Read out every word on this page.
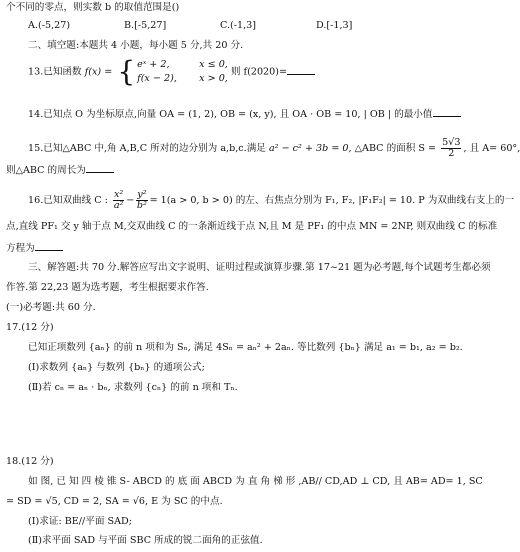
个不同的零点，则实数 b 的取值范围是()
A.(-5,27)	B.[-5,27]	C.(-1,3]	D.[-1,3]
二、填空题:本题共 4 小题，每小题 5 分,共 20 分.
13.已知函数 f(x) = { eˣ + 2,	x ≤ 0,
f(x − 2), x > 0,
则 f(2020)=
14.已知点 O 为坐标原点,向量 OA = (1, 2), OB = (x, y), 且 OA · OB = 10, | OB | 的最小值
15.已知△ABC 中,角 A,B,C 所对的边分别为 a,b,c.满足 a² − c² + 3b = 0, △ABC 的面积 $S = \frac{5√3}{2}$ , 且 A= 60°,
则△ABC 的周长为
16.已知双曲线 C : $\frac{\text{x²}}{\text{a²}} - \frac{\text{y²}}{\text{b²}} = 1(a > 0$, b > 0) 的左、右焦点分别为 F₁, F₂, |F₁F₂| = 10. P 为双曲线右支上的一
点,直线 PF₁ 交 y 轴于点 M,交双曲线 C 的一条渐近线于点 N,且 M 是 PF₁ 的中点 MN = 2NP, 则双曲线 C 的标准
方程为
三、解答题:共 70 分.解答应写出文字说明、证明过程或演算步骤.第 17~21 题为必考题,每个试题考生都必须
作答.第 22,23 题为选考题，考生根据要求作答.
(一)必考题:共 60 分.
17.(12 分)
已知正项数列 {aₙ} 的前 n 项和为 Sₙ, 满足 4Sₙ = aₙ² + 2aₙ. 等比数列 {bₙ} 满足 a₁ = b₁, a₂ = b₂.
(Ⅰ)求数列 {aₙ} 与数列 {bₙ} 的通项公式;
(Ⅱ)若 cₙ = aₙ · bₙ, 求数列 {cₙ} 的前 n 项和 Tₙ.
18.(12 分)
如 图, 已 知 四 棱 锥 S- ABCD 的 底 面 ABCD 为 直 角 梯 形 ,AB// CD,AD ⊥ CD, 且 AB= AD= 1, SC
= SD = √5, CD = 2, SA = √6, E 为 SC 的中点.
(Ⅰ)求证: BE//平面 SAD;
(Ⅱ)求平面 SAD 与平面 SBC 所成的锐二面角的正弦值.
